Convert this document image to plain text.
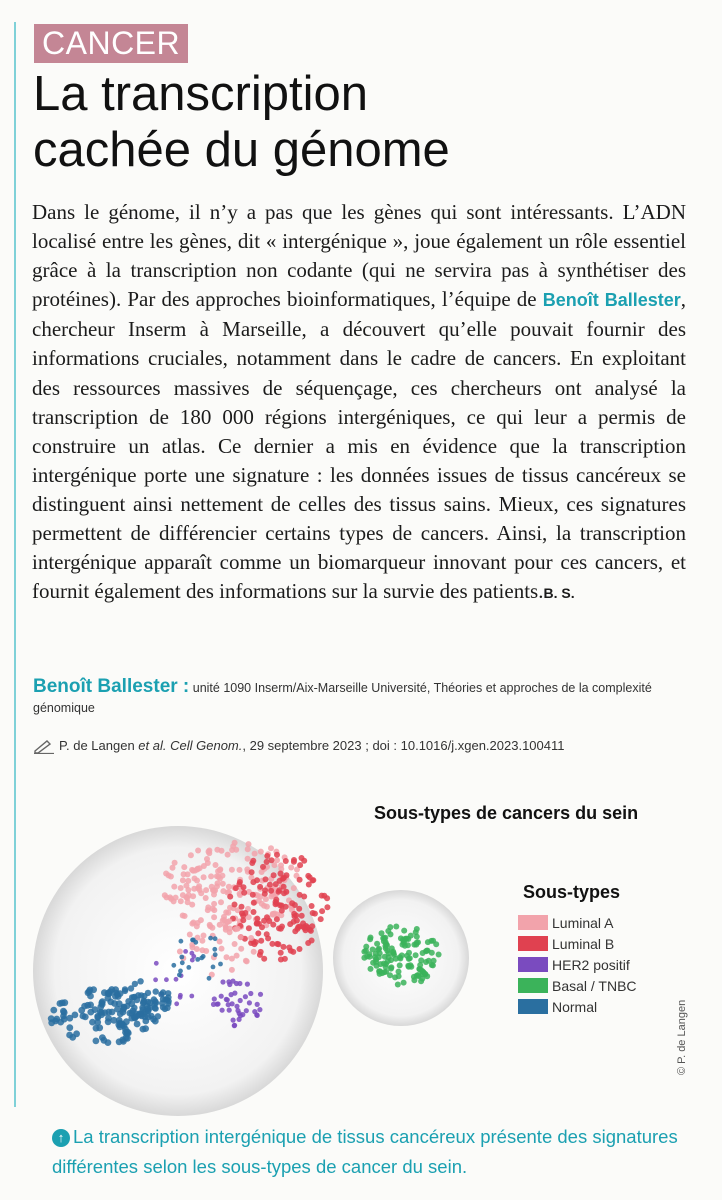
CANCER
La transcription
cachée du génome
Dans le génome, il n’y a pas que les gènes qui sont intéressants. L’ADN localisé entre les gènes, dit « intergénique », joue également un rôle essentiel grâce à la transcription non codante (qui ne servira pas à synthétiser des protéines). Par des approches bioinformatiques, l’équipe de Benoît Ballester, chercheur Inserm à Marseille, a découvert qu’elle pouvait fournir des informations cruciales, notamment dans le cadre de cancers. En exploitant des ressources massives de séquençage, ces chercheurs ont analysé la transcription de 180 000 régions intergéniques, ce qui leur a permis de construire un atlas. Ce dernier a mis en évidence que la transcription intergénique porte une signature : les données issues de tissus cancéreux se distinguent ainsi nettement de celles des tissus sains. Mieux, ces signatures permettent de différencier certains types de cancers. Ainsi, la transcription intergénique apparaît comme un biomarqueur innovant pour ces cancers, et fournit également des informations sur la survie des patients.B. S.
Benoît Ballester : unité 1090 Inserm/Aix-Marseille Université, Théories et approches de la complexité génomique
P. de Langen et al. Cell Genom., 29 septembre 2023 ; doi : 10.1016/j.xgen.2023.100411
Sous-types de cancers du sein
Sous-types
Luminal A
Luminal B
HER2 positif
Basal / TNBC
Normal	© P. de Langen
↑ La transcription intergénique de tissus cancéreux présente des signatures différentes selon les sous-types de cancer du sein.
